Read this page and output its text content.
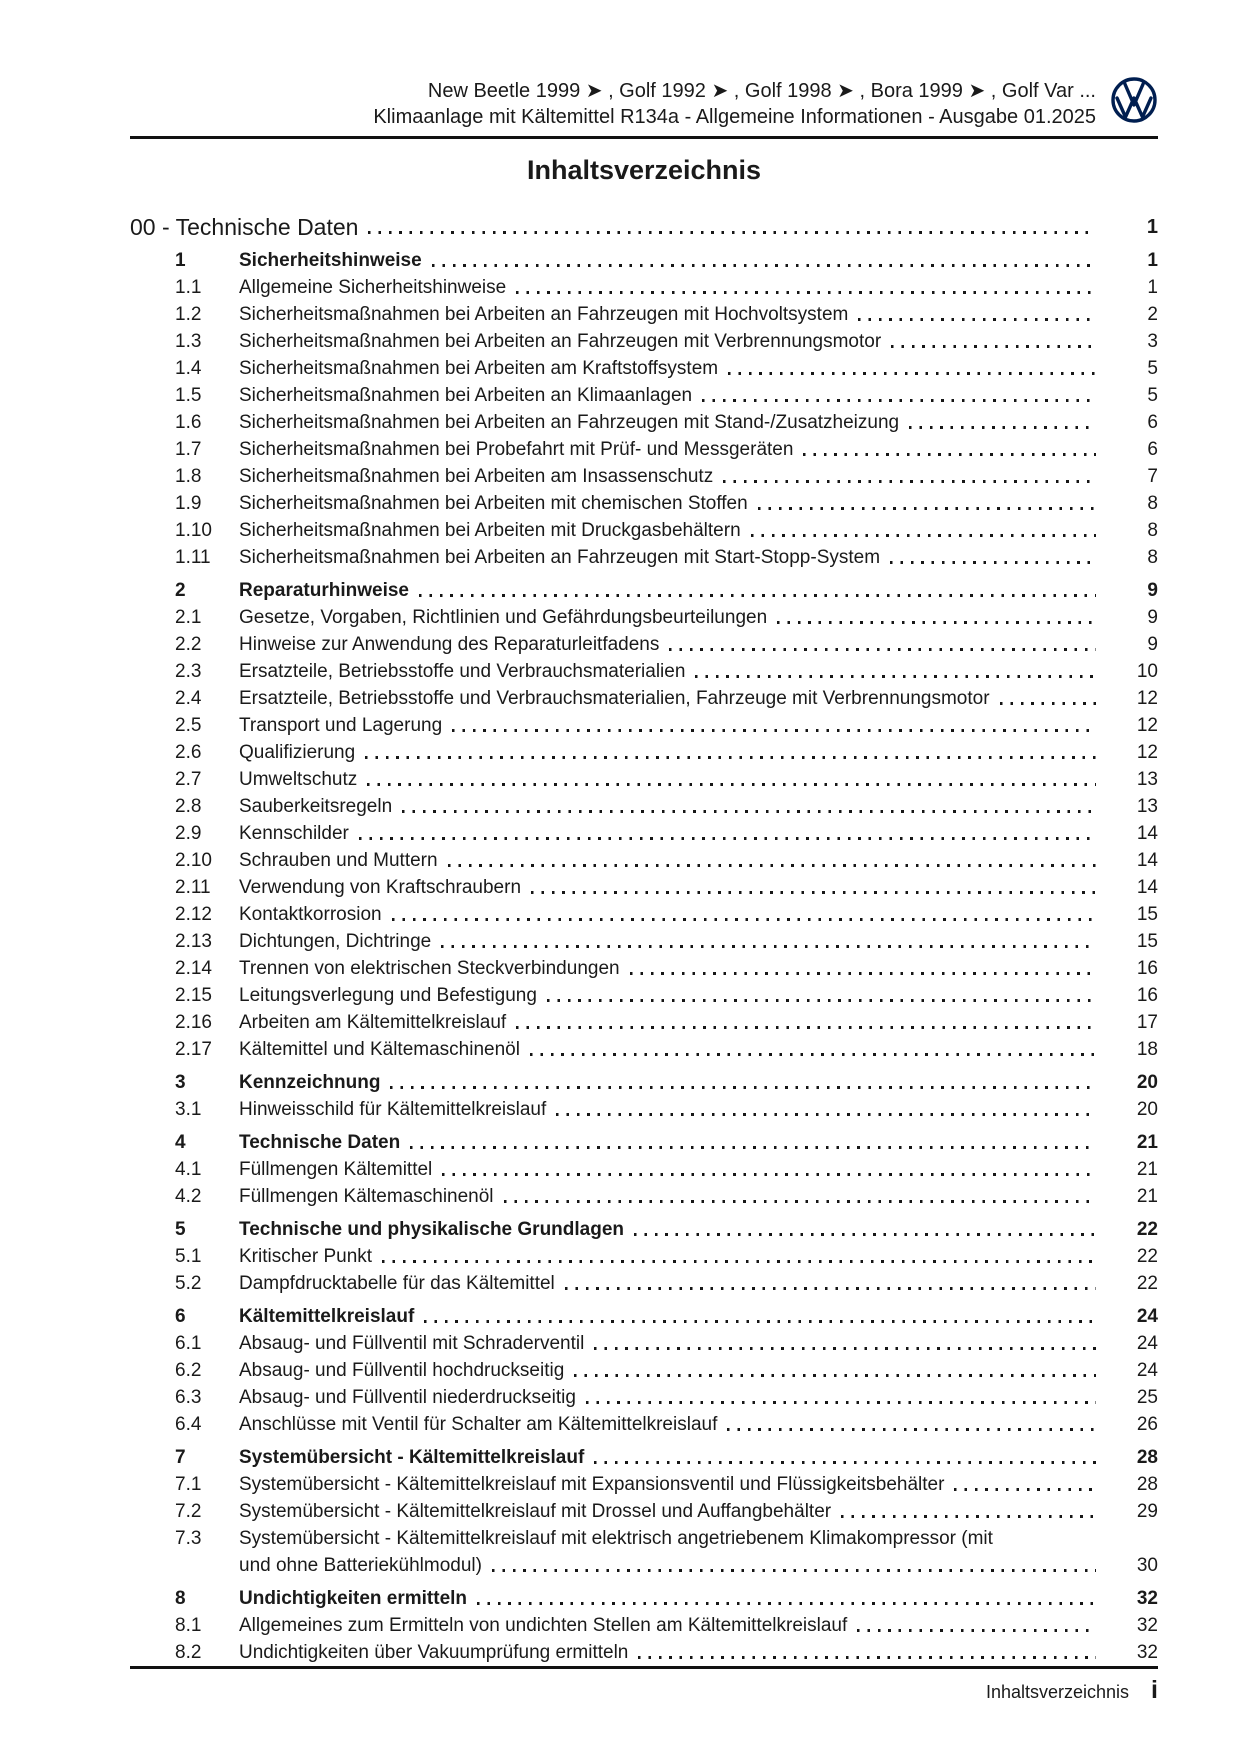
New Beetle 1999 ➤ , Golf 1992 ➤ , Golf 1998 ➤ , Bora 1999 ➤ , Golf Var ...
Klimaanlage mit Kältemittel R134a - Allgemeine Informationen - Ausgabe 01.2025
Inhaltsverzeichnis
00 - Technische Daten	1
1	Sicherheitshinweise	1
1.1	Allgemeine Sicherheitshinweise	1
1.2	Sicherheitsmaßnahmen bei Arbeiten an Fahrzeugen mit Hochvoltsystem	2
1.3	Sicherheitsmaßnahmen bei Arbeiten an Fahrzeugen mit Verbrennungsmotor	3
1.4	Sicherheitsmaßnahmen bei Arbeiten am Kraftstoffsystem	5
1.5	Sicherheitsmaßnahmen bei Arbeiten an Klimaanlagen	5
1.6	Sicherheitsmaßnahmen bei Arbeiten an Fahrzeugen mit Stand-/Zusatzheizung	6
1.7	Sicherheitsmaßnahmen bei Probefahrt mit Prüf- und Messgeräten	6
1.8	Sicherheitsmaßnahmen bei Arbeiten am Insassenschutz	7
1.9	Sicherheitsmaßnahmen bei Arbeiten mit chemischen Stoffen	8
1.10	Sicherheitsmaßnahmen bei Arbeiten mit Druckgasbehältern	8
1.11	Sicherheitsmaßnahmen bei Arbeiten an Fahrzeugen mit Start-Stopp-System	8
2	Reparaturhinweise	9
2.1	Gesetze, Vorgaben, Richtlinien und Gefährdungsbeurteilungen	9
2.2	Hinweise zur Anwendung des Reparaturleitfadens	9
2.3	Ersatzteile, Betriebsstoffe und Verbrauchsmaterialien	10
2.4	Ersatzteile, Betriebsstoffe und Verbrauchsmaterialien, Fahrzeuge mit Verbrennungsmotor	12
2.5	Transport und Lagerung	12
2.6	Qualifizierung	12
2.7	Umweltschutz	13
2.8	Sauberkeitsregeln	13
2.9	Kennschilder	14
2.10	Schrauben und Muttern	14
2.11	Verwendung von Kraftschraubern	14
2.12	Kontaktkorrosion	15
2.13	Dichtungen, Dichtringe	15
2.14	Trennen von elektrischen Steckverbindungen	16
2.15	Leitungsverlegung und Befestigung	16
2.16	Arbeiten am Kältemittelkreislauf	17
2.17	Kältemittel und Kältemaschinenöl	18
3	Kennzeichnung	20
3.1	Hinweisschild für Kältemittelkreislauf	20
4	Technische Daten	21
4.1	Füllmengen Kältemittel	21
4.2	Füllmengen Kältemaschinenöl	21
5	Technische und physikalische Grundlagen	22
5.1	Kritischer Punkt	22
5.2	Dampfdrucktabelle für das Kältemittel	22
6	Kältemittelkreislauf	24
6.1	Absaug- und Füllventil mit Schraderventil	24
6.2	Absaug- und Füllventil hochdruckseitig	24
6.3	Absaug- und Füllventil niederdruckseitig	25
6.4	Anschlüsse mit Ventil für Schalter am Kältemittelkreislauf	26
7	Systemübersicht - Kältemittelkreislauf	28
7.1	Systemübersicht - Kältemittelkreislauf mit Expansionsventil und Flüssigkeitsbehälter	28
7.2	Systemübersicht - Kältemittelkreislauf mit Drossel und Auffangbehälter	29
7.3	Systemübersicht - Kältemittelkreislauf mit elektrisch angetriebenem Klimakompressor (mit
und ohne Batteriekühlmodul)	30
8	Undichtigkeiten ermitteln	32
8.1	Allgemeines zum Ermitteln von undichten Stellen am Kältemittelkreislauf	32
8.2	Undichtigkeiten über Vakuumprüfung ermitteln	32
Inhaltsverzeichnis i
